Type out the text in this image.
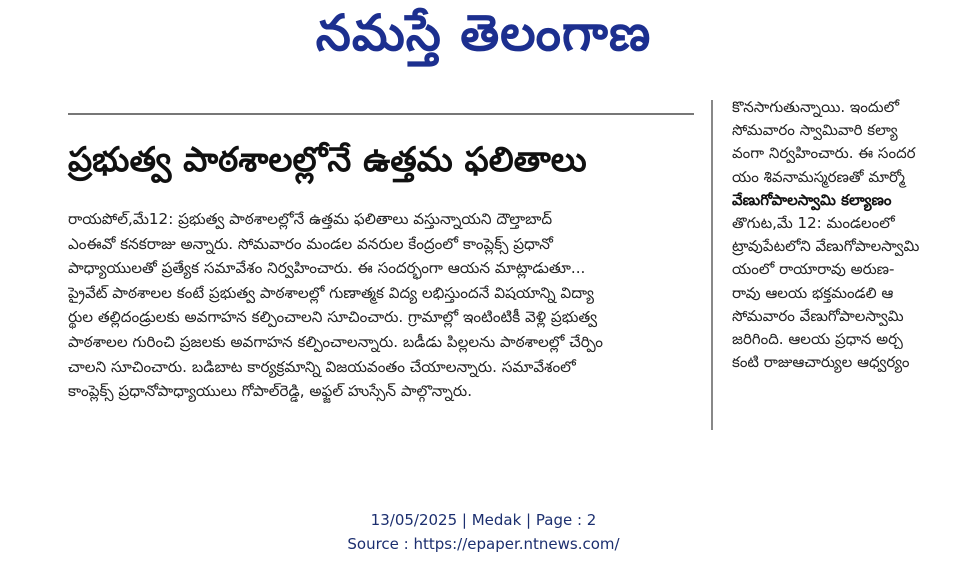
నమస్తే తెలంగాణ
ప్రభుత్వ పాఠశాలల్లోనే ఉత్తమ ఫలితాలు
రాయపోల్,మే12: ప్రభుత్వ పాఠశాలల్లోనే ఉత్తమ ఫలితాలు వస్తున్నాయని దౌల్తాబాద్
ఎంఈవో కనకరాజు అన్నారు. సోమవారం మండల వనరుల కేంద్రంలో కాంప్లెక్స్ ప్రధానో
పాధ్యాయులతో ప్రత్యేక సమావేశం నిర్వహించారు. ఈ సందర్భంగా ఆయన మాట్లాడుతూ...
ప్రైవేట్ పాఠశాలల కంటే ప్రభుత్వ పాఠశాలల్లో గుణాత్మక విద్య లభిస్తుందనే విషయాన్ని విద్యా
ర్థుల తల్లిదండ్రులకు అవగాహన కల్పించాలని సూచించారు. గ్రామాల్లో ఇంటింటికీ వెళ్లి ప్రభుత్వ
పాఠశాలల గురించి ప్రజలకు అవగాహన కల్పించాలన్నారు. బడీడు పిల్లలను పాఠశాలల్లో చేర్పిం
చాలని సూచించారు. బడిబాట కార్యక్రమాన్ని విజయవంతం చేయాలన్నారు. సమావేశంలో
కాంప్లెక్స్ ప్రధానోపాధ్యాయులు గోపాల్‌రెడ్డి, అఫ్జల్ హుస్సేన్ పాల్గొన్నారు.
కొనసాగుతున్నాయి. ఇందులో
సోమవారం స్వామివారి కల్యా
వంగా నిర్వహించారు. ఈ సందర
యం శివనామస్మరణతో మార్మో
వేణుగోపాలస్వామి కల్యాణం
తొగుట,మే 12: మండలంలో
ట్రావుపేటలోని వేణుగోపాలస్వామి
యంలో రాయారావు అరుణ-
రావు ఆలయ భక్తమండలి ఆ
సోమవారం వేణుగోపాలస్వామి
జరిగింది. ఆలయ ప్రధాన అర్చ
కంటి రాజుఆచార్యుల ఆధ్వర్యం
13/05/2025 | Medak | Page : 2
Source : https://epaper.ntnews.com/
